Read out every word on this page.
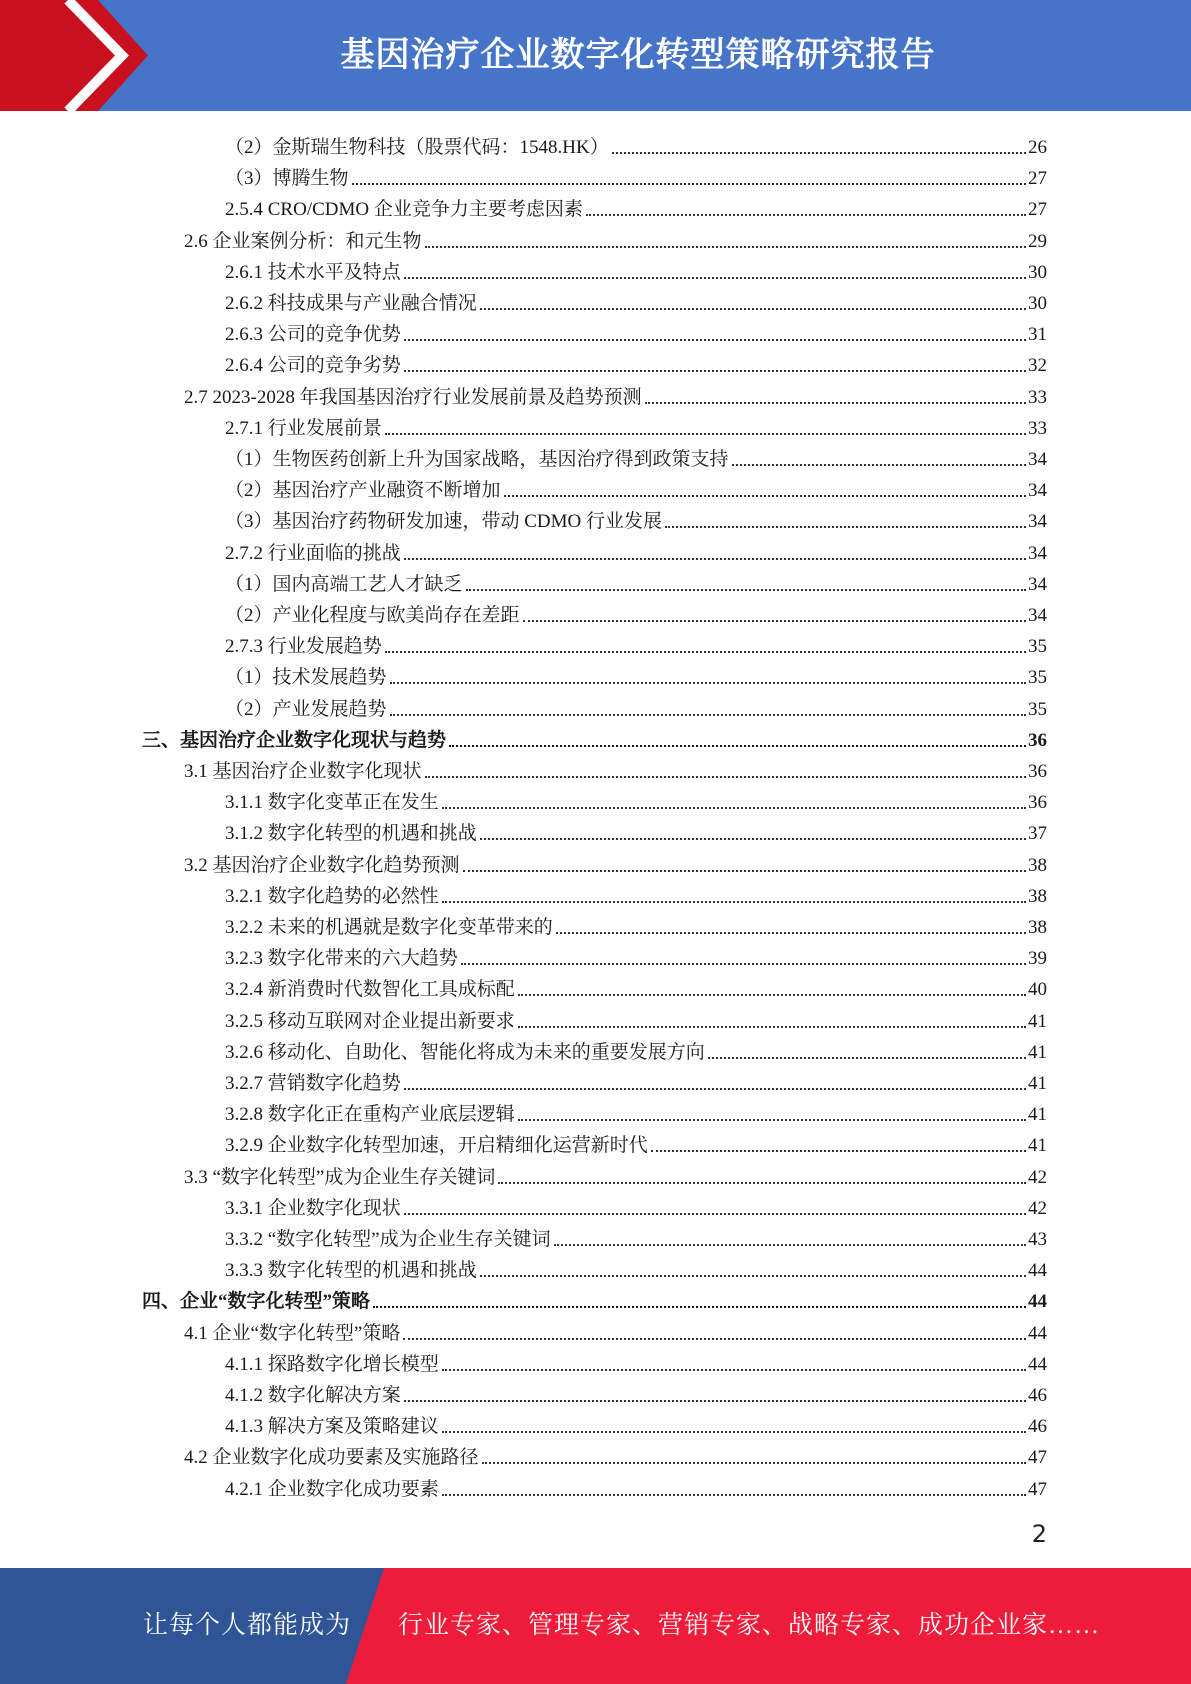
基因治疗企业数字化转型策略研究报告
（2）金斯瑞生物科技（股票代码：1548.HK）	26
（3）博腾生物	27
2.5.4 CRO/CDMO 企业竞争力主要考虑因素	27
2.6 企业案例分析：和元生物	29
2.6.1 技术水平及特点	30
2.6.2 科技成果与产业融合情况	30
2.6.3 公司的竞争优势	31
2.6.4 公司的竞争劣势	32
2.7 2023-2028 年我国基因治疗行业发展前景及趋势预测	33
2.7.1 行业发展前景	33
（1）生物医药创新上升为国家战略，基因治疗得到政策支持	34
（2）基因治疗产业融资不断增加	34
（3）基因治疗药物研发加速，带动 CDMO 行业发展	34
2.7.2 行业面临的挑战	34
（1）国内高端工艺人才缺乏	34
（2）产业化程度与欧美尚存在差距	34
2.7.3 行业发展趋势	35
（1）技术发展趋势	35
（2）产业发展趋势	35
三、基因治疗企业数字化现状与趋势	36
3.1 基因治疗企业数字化现状	36
3.1.1 数字化变革正在发生	36
3.1.2 数字化转型的机遇和挑战	37
3.2 基因治疗企业数字化趋势预测	38
3.2.1 数字化趋势的必然性	38
3.2.2 未来的机遇就是数字化变革带来的	38
3.2.3 数字化带来的六大趋势	39
3.2.4 新消费时代数智化工具成标配	40
3.2.5 移动互联网对企业提出新要求	41
3.2.6 移动化、自助化、智能化将成为未来的重要发展方向	41
3.2.7 营销数字化趋势	41
3.2.8 数字化正在重构产业底层逻辑	41
3.2.9 企业数字化转型加速，开启精细化运营新时代	41
3.3 “数字化转型”成为企业生存关键词	42
3.3.1 企业数字化现状	42
3.3.2 “数字化转型”成为企业生存关键词	43
3.3.3 数字化转型的机遇和挑战	44
四、企业“数字化转型”策略	44
4.1 企业“数字化转型”策略	44
4.1.1 探路数字化增长模型	44
4.1.2 数字化解决方案	46
4.1.3 解决方案及策略建议	46
4.2 企业数字化成功要素及实施路径	47
4.2.1 企业数字化成功要素	47
2
让每个人都能成为 行业专家、管理专家、营销专家、战略专家、成功企业家……
